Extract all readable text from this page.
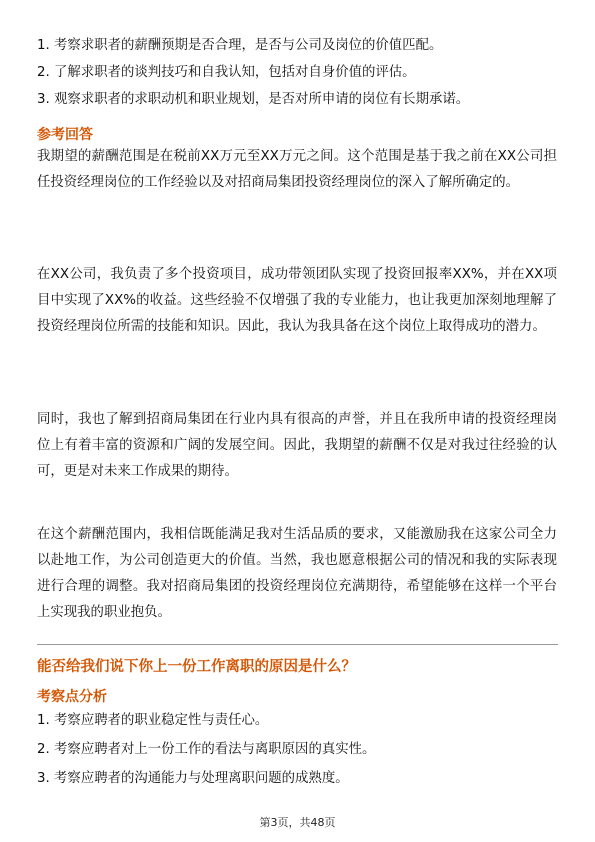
1. 考察求职者的薪酬预期是否合理，是否与公司及岗位的价值匹配。
2. 了解求职者的谈判技巧和自我认知，包括对自身价值的评估。
3. 观察求职者的求职动机和职业规划，是否对所申请的岗位有长期承诺。
参考回答
我期望的薪酬范围是在税前XX万元至XX万元之间。这个范围是基于我之前在XX公司担任投资经理岗位的工作经验以及对招商局集团投资经理岗位的深入了解所确定的。
在XX公司，我负责了多个投资项目，成功带领团队实现了投资回报率XX%，并在XX项目中实现了XX%的收益。这些经验不仅增强了我的专业能力，也让我更加深刻地理解了投资经理岗位所需的技能和知识。因此，我认为我具备在这个岗位上取得成功的潜力。
同时，我也了解到招商局集团在行业内具有很高的声誉，并且在我所申请的投资经理岗位上有着丰富的资源和广阔的发展空间。因此，我期望的薪酬不仅是对我过往经验的认可，更是对未来工作成果的期待。
在这个薪酬范围内，我相信既能满足我对生活品质的要求，又能激励我在这家公司全力以赴地工作，为公司创造更大的价值。当然，我也愿意根据公司的情况和我的实际表现进行合理的调整。我对招商局集团的投资经理岗位充满期待，希望能够在这样一个平台上实现我的职业抱负。
能否给我们说下你上一份工作离职的原因是什么？
考察点分析
1. 考察应聘者的职业稳定性与责任心。
2. 考察应聘者对上一份工作的看法与离职原因的真实性。
3. 考察应聘者的沟通能力与处理离职问题的成熟度。
第3页，共48页
